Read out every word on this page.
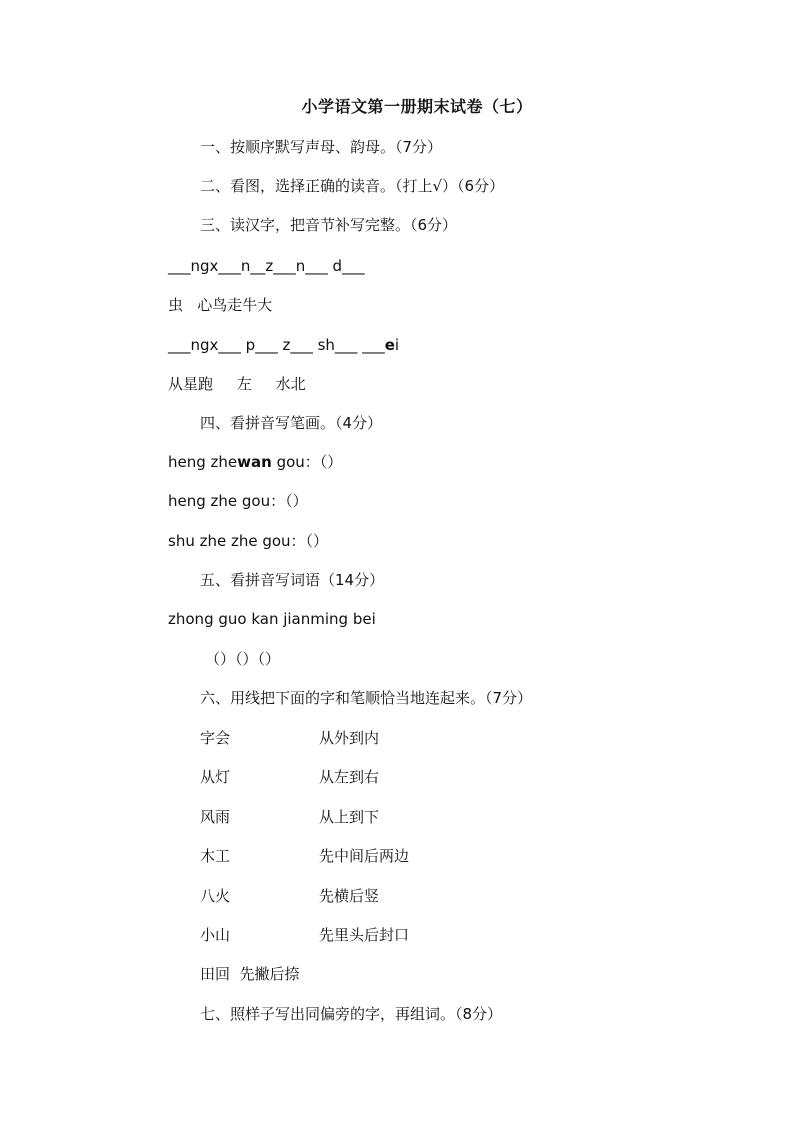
小学语文第一册期末试卷（七）
一、按顺序默写声母、韵母。（7分）
二、看图，选择正确的读音。（打上√）（6分）
三、读汉字，把音节补写完整。（6分）
___ngx___n__z___n___ d___
虫   心鸟走牛大
___ngx___ p___ z___ sh___ ___ei
从星跑     左     水北
四、看拼音写笔画。（4分）
heng zhewan gou：（）
heng zhe gou：（）
shu zhe zhe gou：（）
五、看拼音写词语（14分）
zhong guo kan jianming bei
（）（）（）
六、用线把下面的字和笔顺恰当地连起来。（7分）
字会	从外到内
从灯	从左到右
风雨	从上到下
木工	先中间后两边
八火	先横后竖
小山	先里头后封口
田回  先撇后捺
七、照样子写出同偏旁的字，再组词。（8分）
